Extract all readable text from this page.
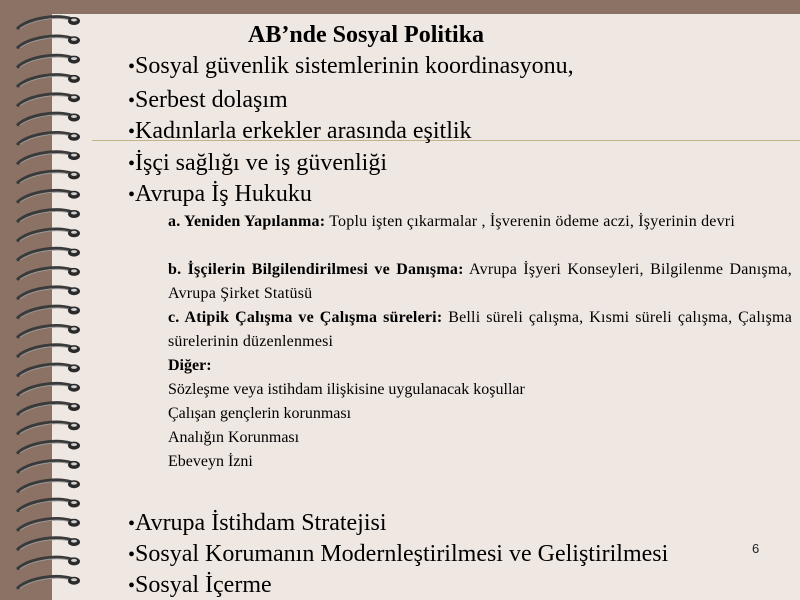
AB’nde Sosyal Politika
•Sosyal güvenlik sistemlerinin koordinasyonu,
•Serbest dolaşım
•Kadınlarla erkekler arasında eşitlik
•İşçi sağlığı ve iş güvenliği
•Avrupa İş Hukuku
a. Yeniden Yapılanma: Toplu işten çıkarmalar , İşverenin ödeme aczi, İşyerinin devri
b. İşçilerin Bilgilendirilmesi ve Danışma: Avrupa İşyeri Konseyleri, Bilgilenme Danışma, Avrupa Şirket Statüsü
c. Atipik Çalışma ve Çalışma süreleri: Belli süreli çalışma, Kısmi süreli çalışma, Çalışma sürelerinin düzenlenmesi
Diğer:
Sözleşme veya istihdam ilişkisine uygulanacak koşullar
Çalışan gençlerin korunması
Analığın Korunması
Ebeveyn İzni
•Avrupa İstihdam Stratejisi
•Sosyal Korumanın Modernleştirilmesi ve Geliştirilmesi
•Sosyal İçerme
6
